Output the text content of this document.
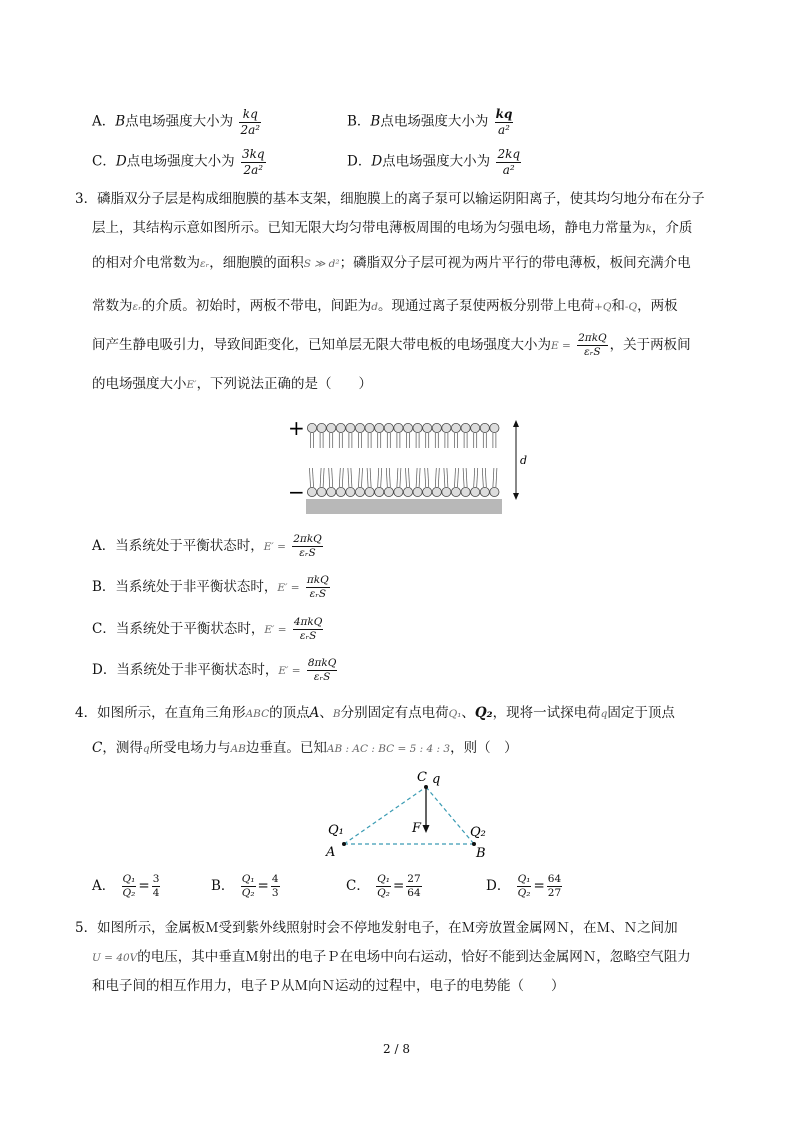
A．B点电场强度大小为 $\frac{kq}{\text{2a²}}$	B．B点电场强度大小为 $\frac{kq}{\text{a²}}$
C．D点电场强度大小为 $\frac{3kq}{\text{2a²}}$	D．D点电场强度大小为 $\frac{2kq}{\text{a²}}$
3．磷脂双分子层是构成细胞膜的基本支架，细胞膜上的离子泵可以输运阴阳离子，使其均匀地分布在分子
层上，其结构示意如图所示。已知无限大均匀带电薄板周围的电场为匀强电场，静电力常量为k，介质
的相对介电常数为εᵣ，细胞膜的面积S ≫ d²；磷脂双分子层可视为两片平行的带电薄板，板间充满介电
常数为εᵣ的介质。初始时，两板不带电，间距为d。现通过离子泵使两板分别带上电荷+Q和-Q，两板
间产生静电吸引力，导致间距变化，已知单层无限大带电板的电场强度大小为$E = \frac{\text{2πkQ}}{\text{εᵣS}}$ ，关于两板间
的电场强度大小E′，下列说法正确的是（　　）
+
−
d
A．当系统处于平衡状态时，$E' = \frac{\text{2πkQ}}{\text{εᵣS}}$
B．当系统处于非平衡状态时，$E' = \frac{\text{πkQ}}{\text{εᵣS}}$
C．当系统处于平衡状态时，$E' = \frac{\text{4πkQ}}{\text{εᵣS}}$
D．当系统处于非平衡状态时，$E' = \frac{\text{8πkQ}}{\text{εᵣS}}$
4．如图所示，在直角三角形ABC的顶点A、B分别固定有点电荷Q₁、Q₂，现将一试探电荷q固定于顶点
C，测得q所受电场力与AB边垂直。已知AB : AC : BC = 5 : 4 : 3，则（　）
C q
F
Q₁
A
Q₂
B
A． $\frac{\text{Q₁}}{\text{Q₂}} = \frac{3}{4}$	B． $\frac{\text{Q₁}}{\text{Q₂}} = \frac{4}{3}$	C． $\frac{\text{Q₁}}{\text{Q₂}} = \frac{27}{64}$	D． $\frac{\text{Q₁}}{\text{Q₂}} = \frac{64}{27}$
5．如图所示，金属板Ｍ受到紫外线照射时会不停地发射电子，在Ｍ旁放置金属网Ｎ，在Ｍ、Ｎ之间加
U = 40V的电压，其中垂直Ｍ射出的电子Ｐ在电场中向右运动，恰好不能到达金属网Ｎ，忽略空气阻力
和电子间的相互作用力，电子Ｐ从Ｍ向Ｎ运动的过程中，电子的电势能（　　）
2 / 8
